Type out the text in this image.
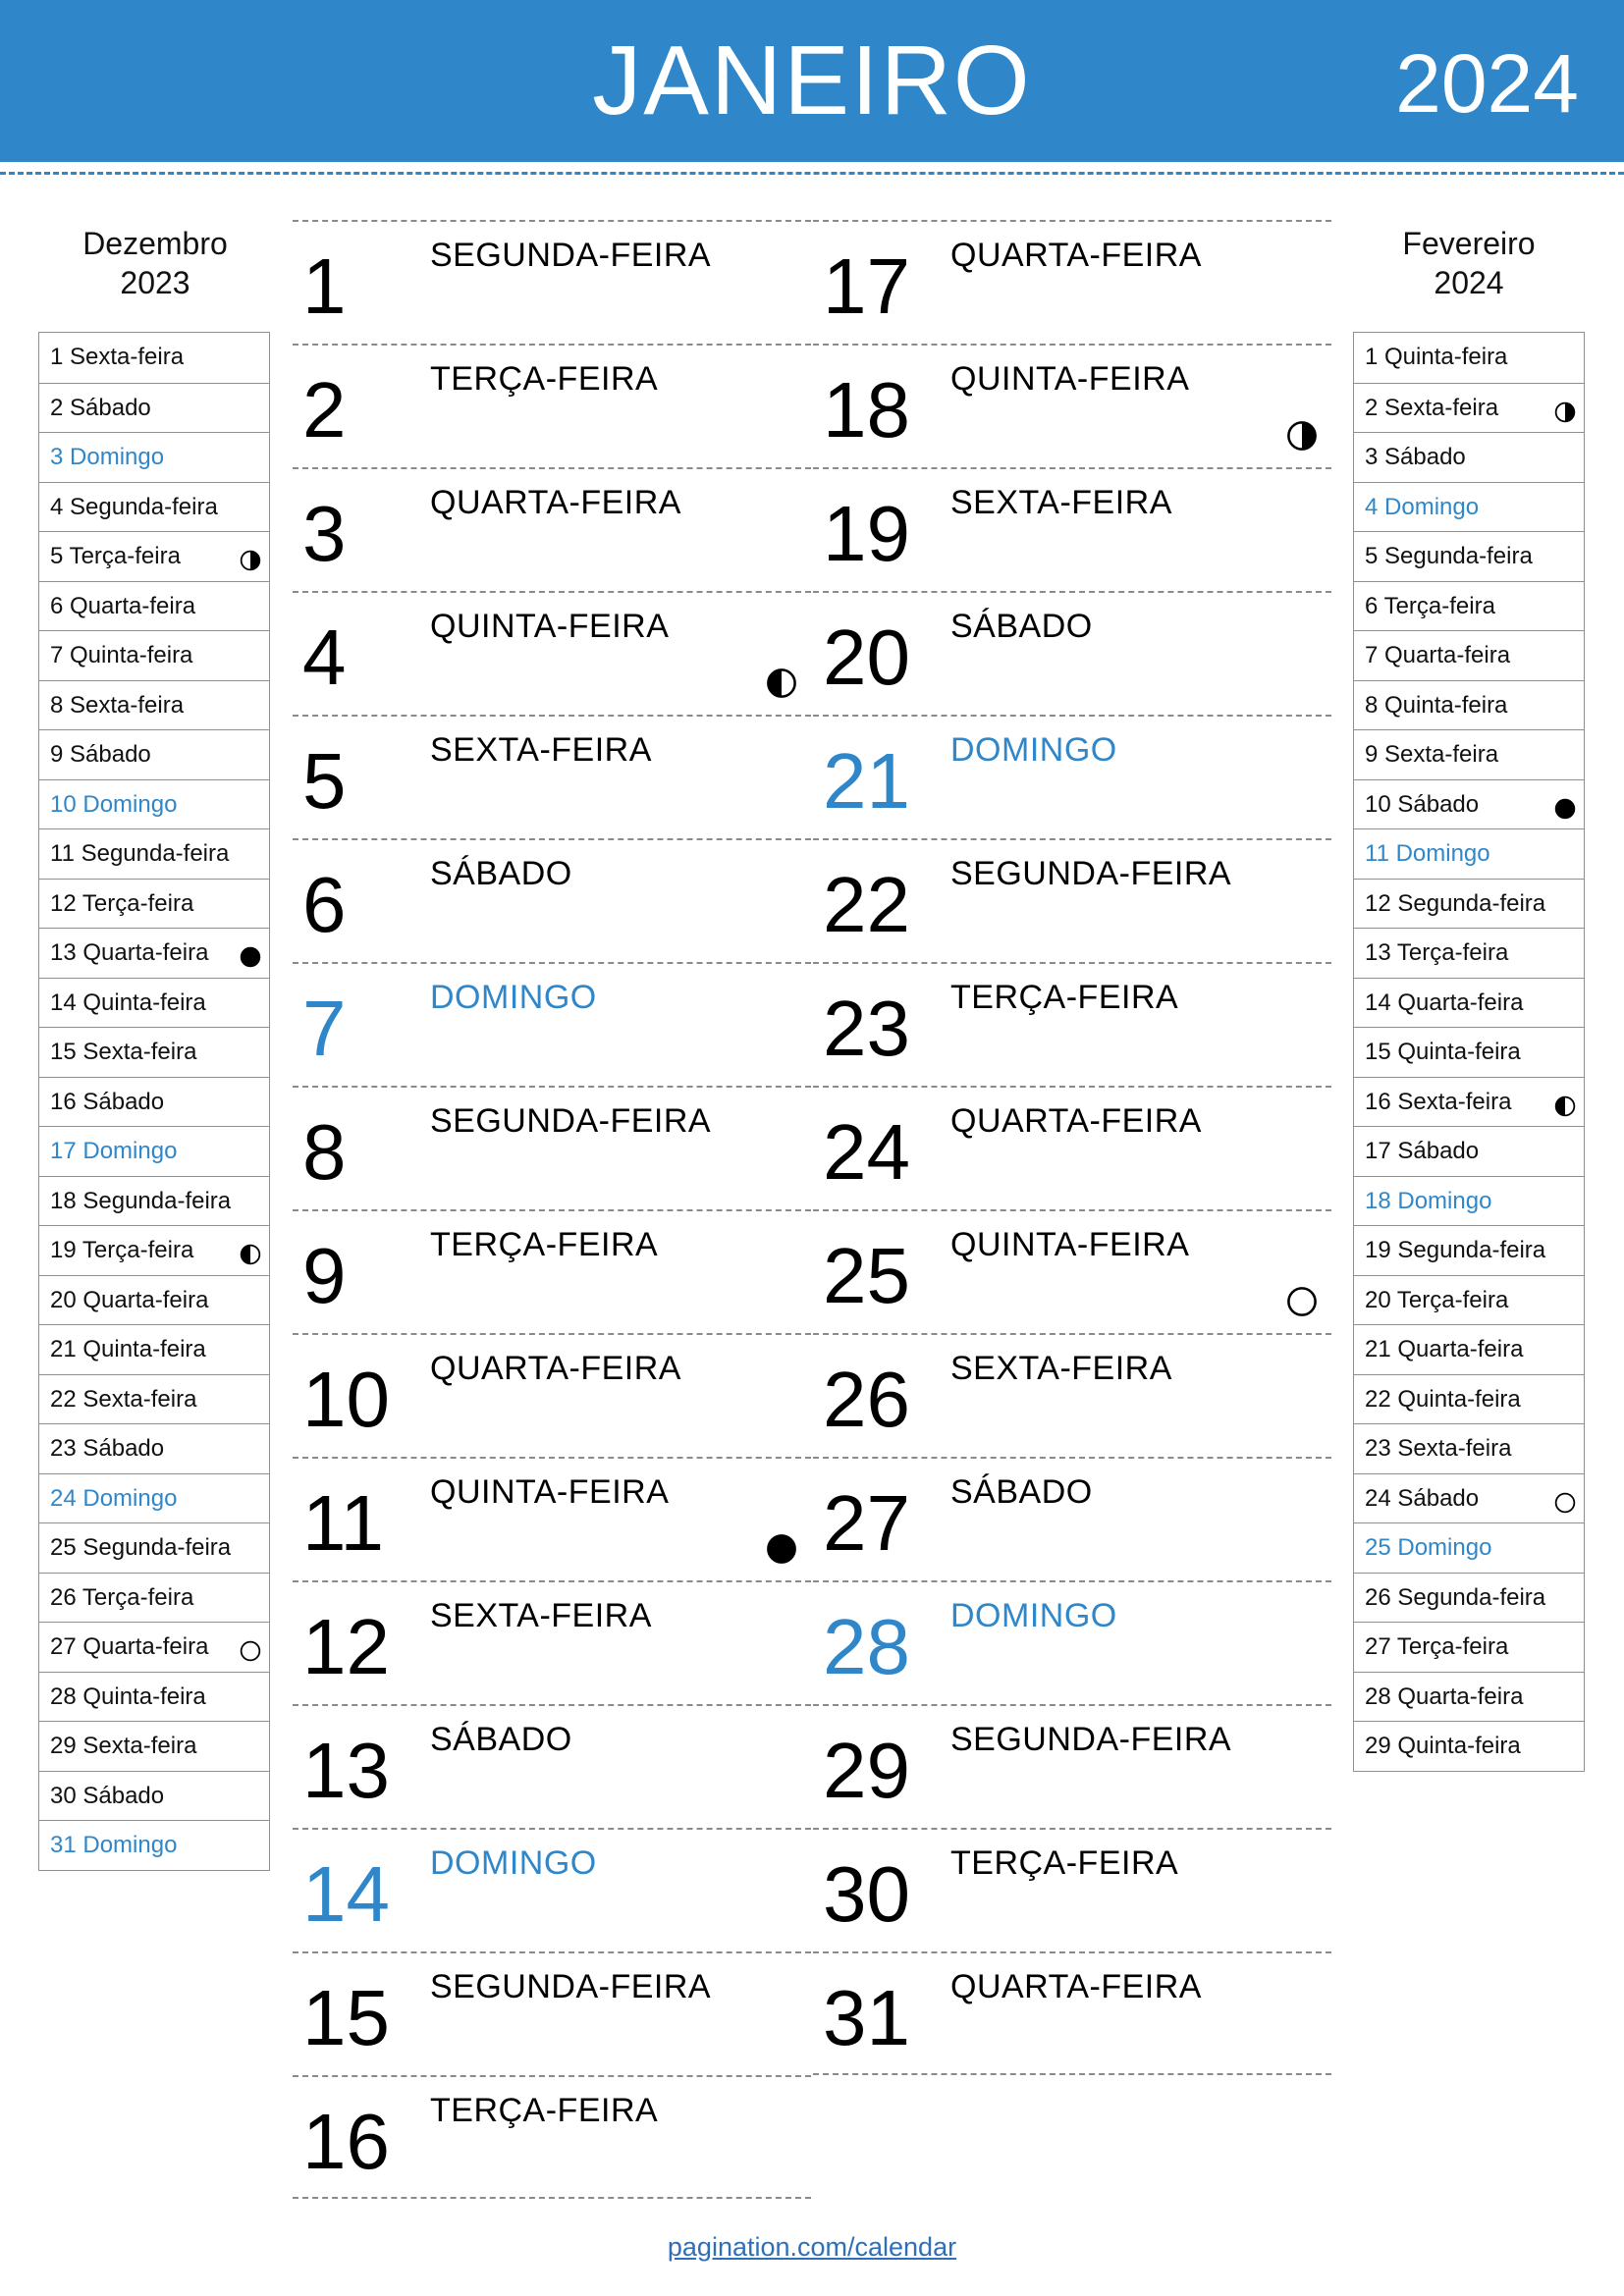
JANEIRO	2024
Dezembro
2023
1 Sexta-feira
2 Sábado
3 Domingo
4 Segunda-feira
5 Terça-feira
6 Quarta-feira
7 Quinta-feira
8 Sexta-feira
9 Sábado
10 Domingo
11 Segunda-feira
12 Terça-feira
13 Quarta-feira
14 Quinta-feira
15 Sexta-feira
16 Sábado
17 Domingo
18 Segunda-feira
19 Terça-feira
20 Quarta-feira
21 Quinta-feira
22 Sexta-feira
23 Sábado
24 Domingo
25 Segunda-feira
26 Terça-feira
27 Quarta-feira
28 Quinta-feira
29 Sexta-feira
30 Sábado
31 Domingo
1	SEGUNDA-FEIRA
2	TERÇA-FEIRA
3	QUARTA-FEIRA
4	QUINTA-FEIRA
5	SEXTA-FEIRA
6	SÁBADO
7	DOMINGO
8	SEGUNDA-FEIRA
9	TERÇA-FEIRA
10 QUARTA-FEIRA
11 QUINTA-FEIRA
12 SEXTA-FEIRA
13 SÁBADO
14 DOMINGO
15 SEGUNDA-FEIRA
16 TERÇA-FEIRA
17 QUARTA-FEIRA
18 QUINTA-FEIRA
19 SEXTA-FEIRA
20 SÁBADO
21 DOMINGO
22 SEGUNDA-FEIRA
23 TERÇA-FEIRA
24 QUARTA-FEIRA
25 QUINTA-FEIRA
26 SEXTA-FEIRA
27 SÁBADO
28 DOMINGO
29 SEGUNDA-FEIRA
30 TERÇA-FEIRA
31 QUARTA-FEIRA
Fevereiro
2024
1 Quinta-feira
2 Sexta-feira
3 Sábado
4 Domingo
5 Segunda-feira
6 Terça-feira
7 Quarta-feira
8 Quinta-feira
9 Sexta-feira
10 Sábado
11 Domingo
12 Segunda-feira
13 Terça-feira
14 Quarta-feira
15 Quinta-feira
16 Sexta-feira
17 Sábado
18 Domingo
19 Segunda-feira
20 Terça-feira
21 Quarta-feira
22 Quinta-feira
23 Sexta-feira
24 Sábado
25 Domingo
26 Segunda-feira
27 Terça-feira
28 Quarta-feira
29 Quinta-feira
pagination.com/calendar
